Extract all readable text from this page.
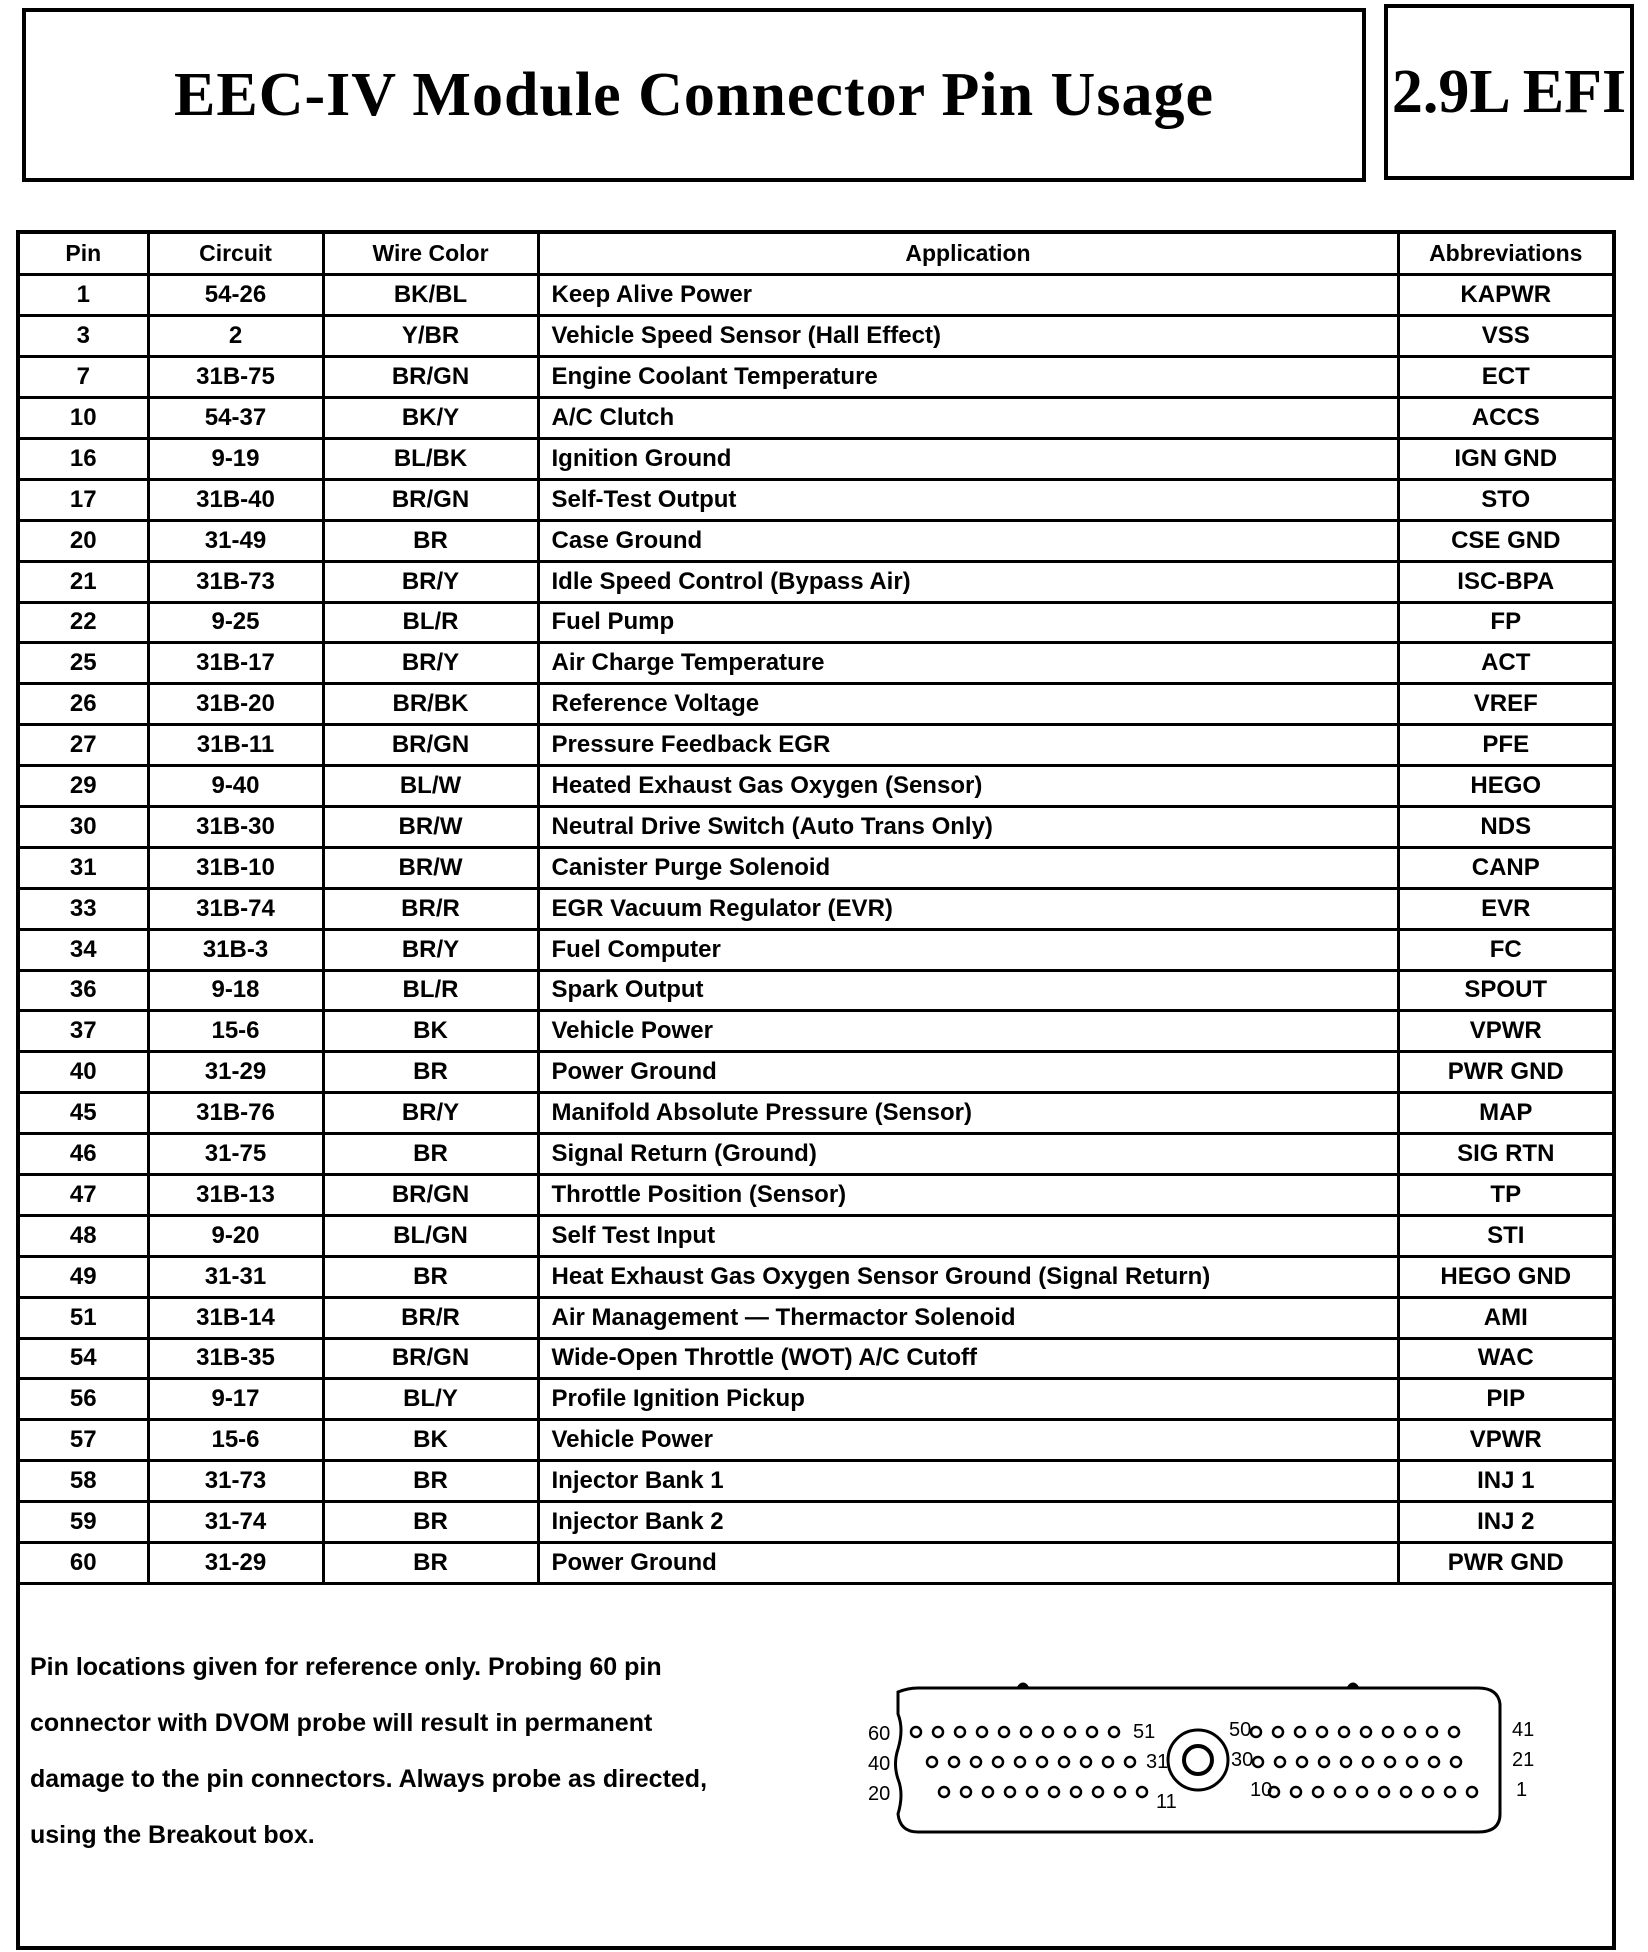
EEC-IV Module Connector Pin Usage	2.9L EFI
Pin	Circuit	Wire Color	Application	Abbreviations
1	54-26	BK/BL	Keep Alive Power	KAPWR
3	2	Y/BR	Vehicle Speed Sensor (Hall Effect)	VSS
7	31B-75	BR/GN	Engine Coolant Temperature	ECT
10	54-37	BK/Y	A/C Clutch	ACCS
16	9-19	BL/BK	Ignition Ground	IGN GND
17	31B-40	BR/GN	Self-Test Output	STO
20	31-49	BR	Case Ground	CSE GND
21	31B-73	BR/Y	Idle Speed Control (Bypass Air)	ISC-BPA
22	9-25	BL/R	Fuel Pump	FP
25	31B-17	BR/Y	Air Charge Temperature	ACT
26	31B-20	BR/BK	Reference Voltage	VREF
27	31B-11	BR/GN	Pressure Feedback EGR	PFE
29	9-40	BL/W	Heated Exhaust Gas Oxygen (Sensor)	HEGO
30	31B-30	BR/W	Neutral Drive Switch (Auto Trans Only)	NDS
31	31B-10	BR/W	Canister Purge Solenoid	CANP
33	31B-74	BR/R	EGR Vacuum Regulator (EVR)	EVR
34	31B-3	BR/Y	Fuel Computer	FC
36	9-18	BL/R	Spark Output	SPOUT
37	15-6	BK	Vehicle Power	VPWR
40	31-29	BR	Power Ground	PWR GND
45	31B-76	BR/Y	Manifold Absolute Pressure (Sensor)	MAP
46	31-75	BR	Signal Return (Ground)	SIG RTN
47	31B-13	BR/GN	Throttle Position (Sensor)	TP
48	9-20	BL/GN	Self Test Input	STI
49	31-31	BR	Heat Exhaust Gas Oxygen Sensor Ground (Signal Return)	HEGO GND
51	31B-14	BR/R	Air Management — Thermactor Solenoid	AMI
54	31B-35	BR/GN	Wide-Open Throttle (WOT) A/C Cutoff	WAC
56	9-17	BL/Y	Profile Ignition Pickup	PIP
57	15-6	BK	Vehicle Power	VPWR
58	31-73	BR	Injector Bank 1	INJ 1
59	31-74	BR	Injector Bank 2	INJ 2
60	31-29	BR	Power Ground	PWR GND

Pin locations given for reference only. Probing 60 pin

connector with DVOM probe will result in permanent

damage to the pin connectors. Always probe as directed,

using the Breakout box.

60
40
20
41
21
1
51
31
11
50
30
10
